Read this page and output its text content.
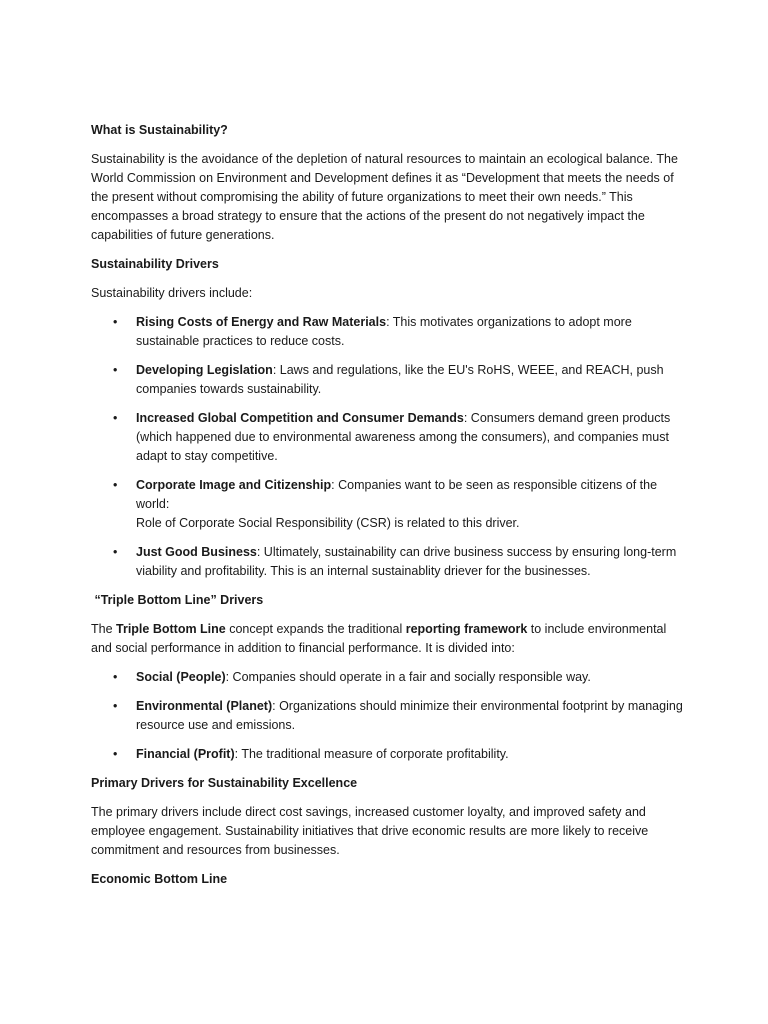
What is Sustainability?

Sustainability is the avoidance of the depletion of natural resources to maintain an ecological balance. The World Commission on Environment and Development defines it as “Development that meets the needs of the present without compromising the ability of future organizations to meet their own needs.” This encompasses a broad strategy to ensure that the actions of the present do not negatively impact the capabilities of future generations.

Sustainability Drivers

Sustainability drivers include:

• Rising Costs of Energy and Raw Materials: This motivates organizations to adopt more sustainable practices to reduce costs.
• Developing Legislation: Laws and regulations, like the EU's RoHS, WEEE, and REACH, push companies towards sustainability.
• Increased Global Competition and Consumer Demands: Consumers demand green products (which happened due to environmental awareness among the consumers), and companies must adapt to stay competitive.
• Corporate Image and Citizenship: Companies want to be seen as responsible citizens of the world:
Role of Corporate Social Responsibility (CSR) is related to this driver.
• Just Good Business: Ultimately, sustainability can drive business success by ensuring long-term viability and profitability. This is an internal sustainablity driever for the businesses.
“Triple Bottom Line” Drivers

The Triple Bottom Line concept expands the traditional reporting framework to include environmental and social performance in addition to financial performance. It is divided into:

• Social (People): Companies should operate in a fair and socially responsible way.
• Environmental (Planet): Organizations should minimize their environmental footprint by managing resource use and emissions.
• Financial (Profit): The traditional measure of corporate profitability.
Primary Drivers for Sustainability Excellence

The primary drivers include direct cost savings, increased customer loyalty, and improved safety and employee engagement. Sustainability initiatives that drive economic results are more likely to receive commitment and resources from businesses.

Economic Bottom Line
